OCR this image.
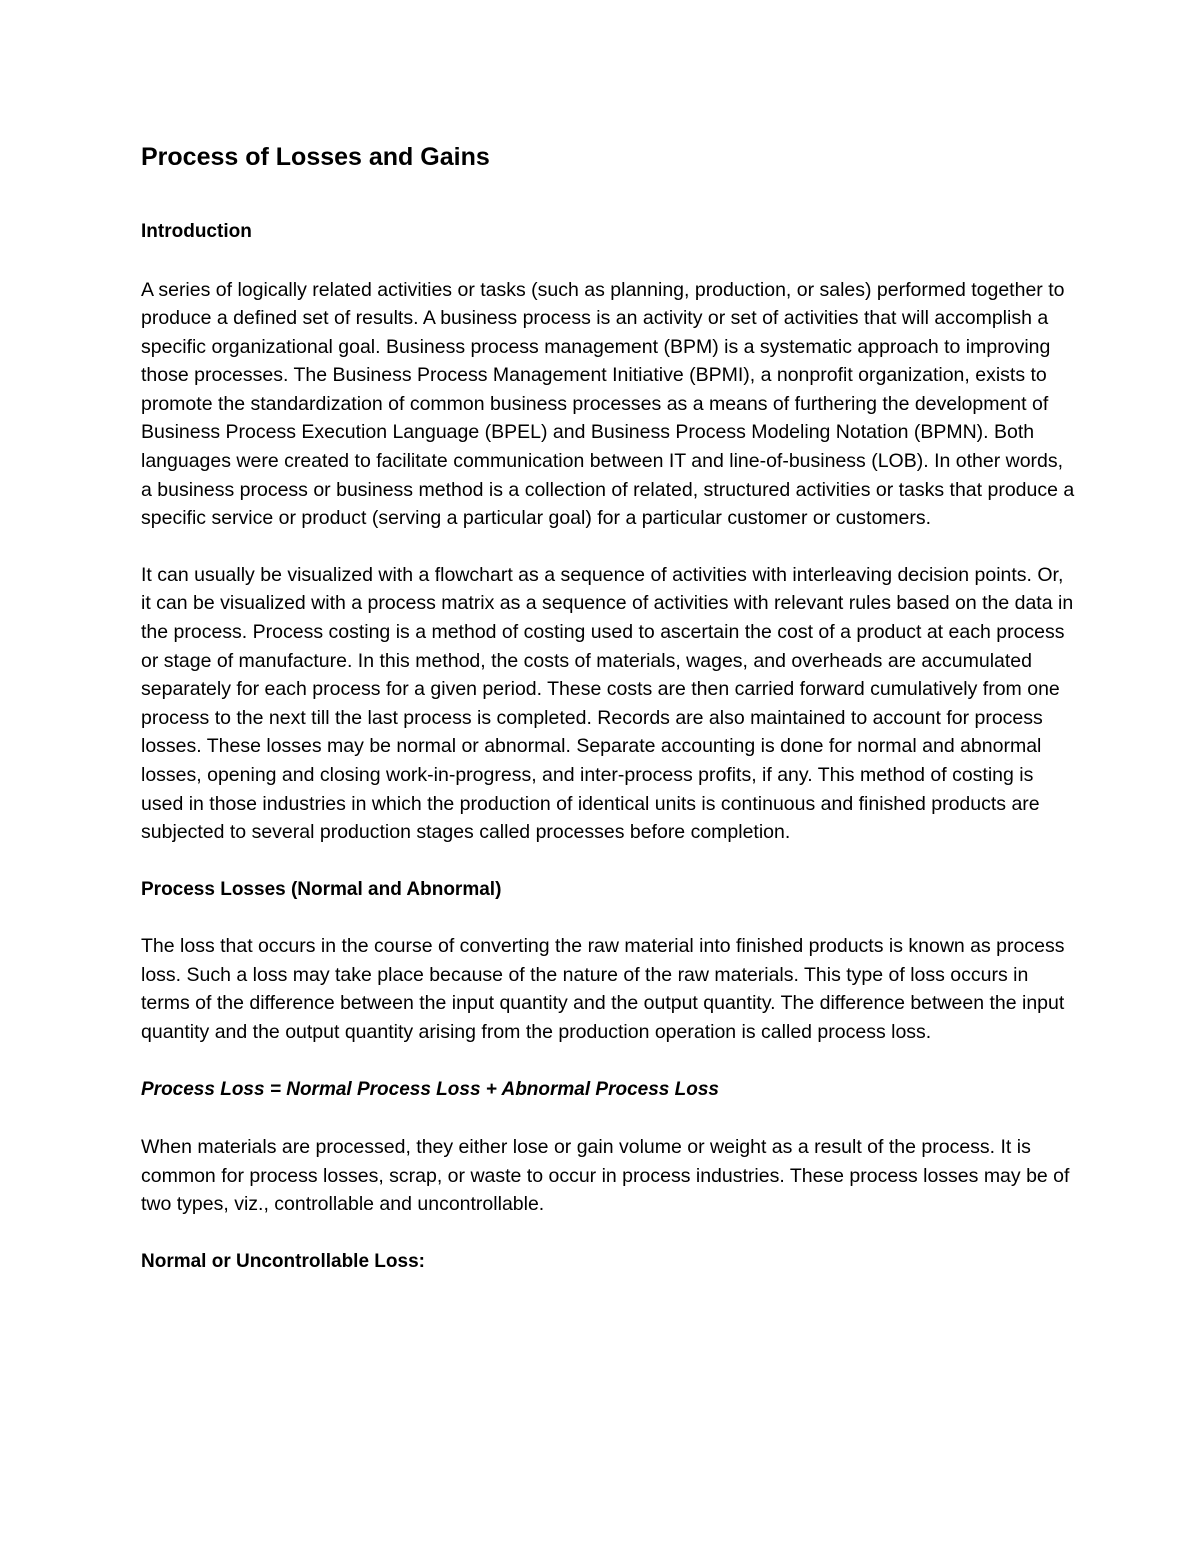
Process of Losses and Gains
Introduction

A series of logically related activities or tasks (such as planning, production, or sales) performed together to produce a defined set of results. A business process is an activity or set of activities that will accomplish a specific organizational goal. Business process management (BPM) is a systematic approach to improving those processes. The Business Process Management Initiative (BPMI), a nonprofit organization, exists to promote the standardization of common business processes as a means of furthering the development of Business Process Execution Language (BPEL) and Business Process Modeling Notation (BPMN). Both languages were created to facilitate communication between IT and line-of-business (LOB). In other words, a business process or business method is a collection of related, structured activities or tasks that produce a specific service or product (serving a particular goal) for a particular customer or customers.

It can usually be visualized with a flowchart as a sequence of activities with interleaving decision points. Or, it can be visualized with a process matrix as a sequence of activities with relevant rules based on the data in the process. Process costing is a method of costing used to ascertain the cost of a product at each process or stage of manufacture. In this method, the costs of materials, wages, and overheads are accumulated separately for each process for a given period. These costs are then carried forward cumulatively from one process to the next till the last process is completed. Records are also maintained to account for process losses. These losses may be normal or abnormal. Separate accounting is done for normal and abnormal losses, opening and closing work-in-progress, and inter-process profits, if any. This method of costing is used in those industries in which the production of identical units is continuous and finished products are subjected to several production stages called processes before completion.

Process Losses (Normal and Abnormal)

The loss that occurs in the course of converting the raw material into finished products is known as process loss. Such a loss may take place because of the nature of the raw materials. This type of loss occurs in terms of the difference between the input quantity and the output quantity. The difference between the input quantity and the output quantity arising from the production operation is called process loss.

Process Loss = Normal Process Loss + Abnormal Process Loss

When materials are processed, they either lose or gain volume or weight as a result of the process. It is common for process losses, scrap, or waste to occur in process industries. These process losses may be of two types, viz., controllable and uncontrollable.

Normal or Uncontrollable Loss:
